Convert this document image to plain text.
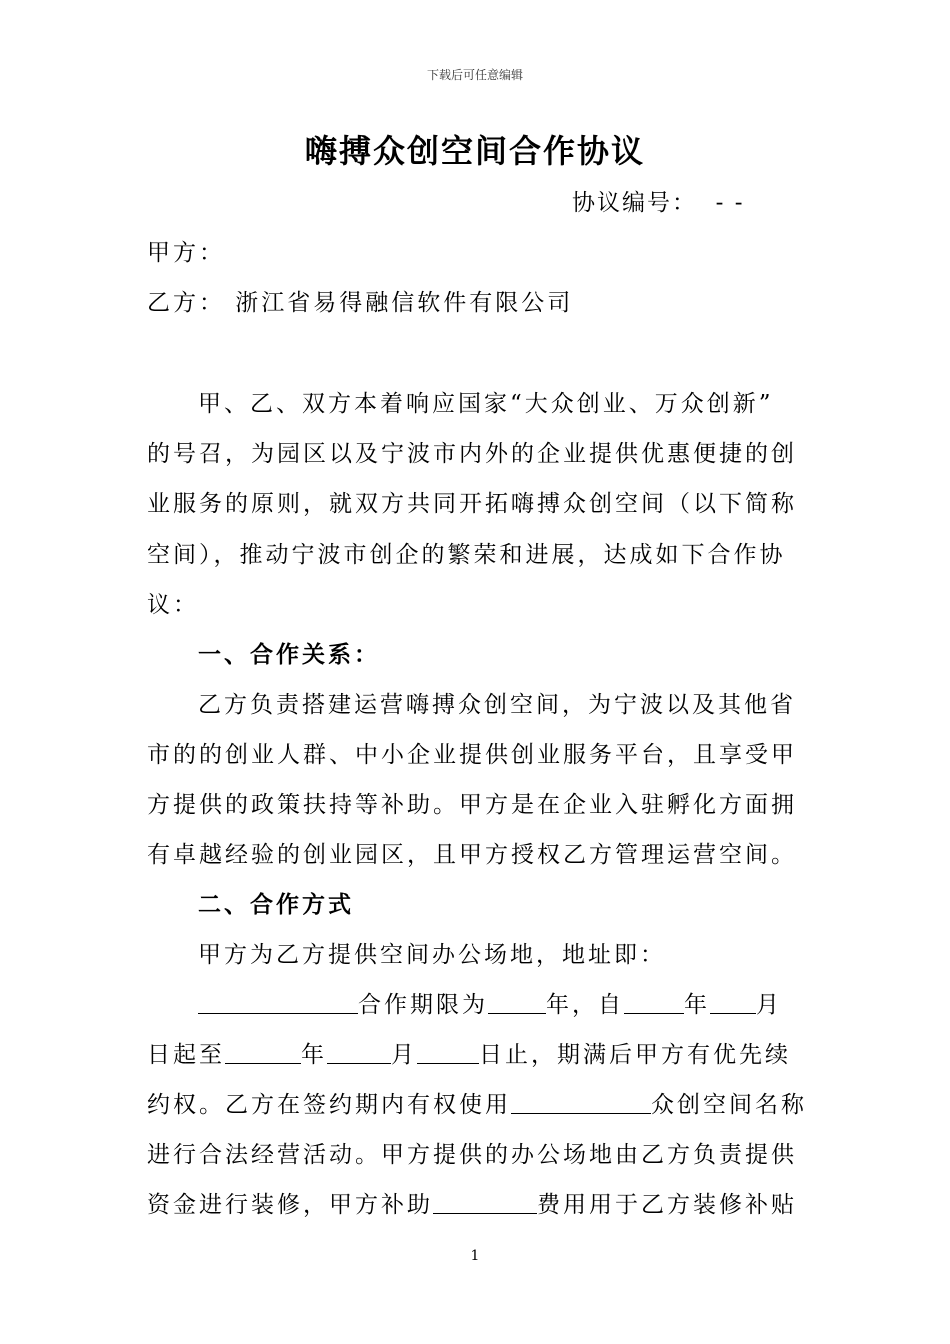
下载后可任意编辑
嗨搏众创空间合作协议
协议编号：  - -
甲方：
乙方： 浙江省易得融信软件有限公司
甲、乙、双方本着响应国家“大众创业、万众创新”
的号召，为园区以及宁波市内外的企业提供优惠便捷的创
业服务的原则，就双方共同开拓嗨搏众创空间（以下简称
空间），推动宁波市创企的繁荣和进展，达成如下合作协
议：
一、合作关系：
乙方负责搭建运营嗨搏众创空间，为宁波以及其他省
市的的创业人群、中小企业提供创业服务平台，且享受甲
方提供的政策扶持等补助。甲方是在企业入驻孵化方面拥
有卓越经验的创业园区，且甲方授权乙方管理运营空间。
二、合作方式
甲方为乙方提供空间办公场地，地址即：
合作期限为	年，自	年 月
日起至	年	月	日止，期满后甲方有优先续
约权。乙方在签约期内有权使用	众创空间名称
进行合法经营活动。甲方提供的办公场地由乙方负责提供
资金进行装修，甲方补助	费用用于乙方装修补贴
1
